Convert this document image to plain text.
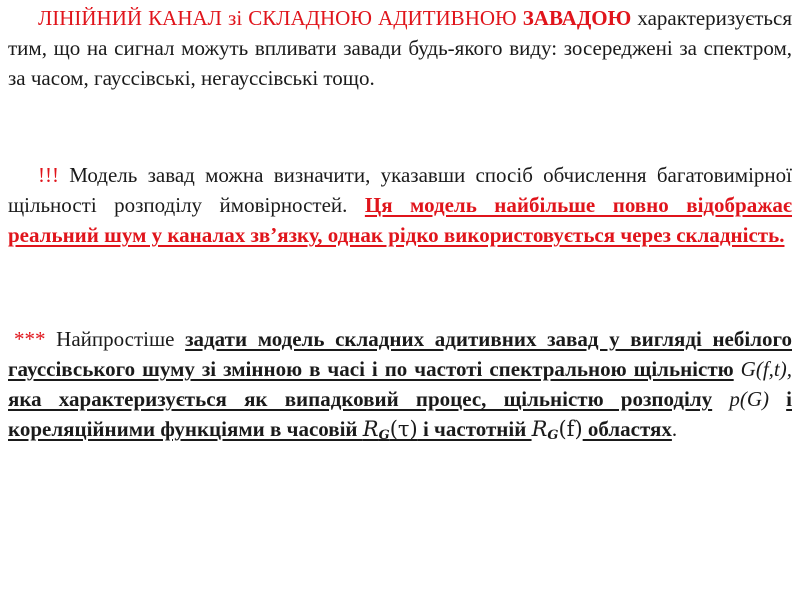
ЛІНІЙНИЙ КАНАЛ зі СКЛАДНОЮ АДИТИВНОЮ ЗАВАДОЮ характеризується тим, що на сигнал можуть впливати завади будь-якого виду: зосереджені за спектром, за часом, гауссівські, негауссівські тощо.
!!! Модель завад можна визначити, указавши спосіб обчислення багатовимірної щільності розподілу ймовірностей. Ця модель найбільше повно відображає реальний шум у каналах зв’язку, однак рідко використовується через складність.
*** Найпростіше задати модель складних адитивних завад у вигляді небілого гауссівського шуму зі змінною в часі і по частоті спектральною щільністю G(f,t), яка характеризується як випадковий процес, щільністю розподілу p(G) і кореляційними функціями в часовій $R_G(\tau)$ і частотній $R_G(f)$ областях.
